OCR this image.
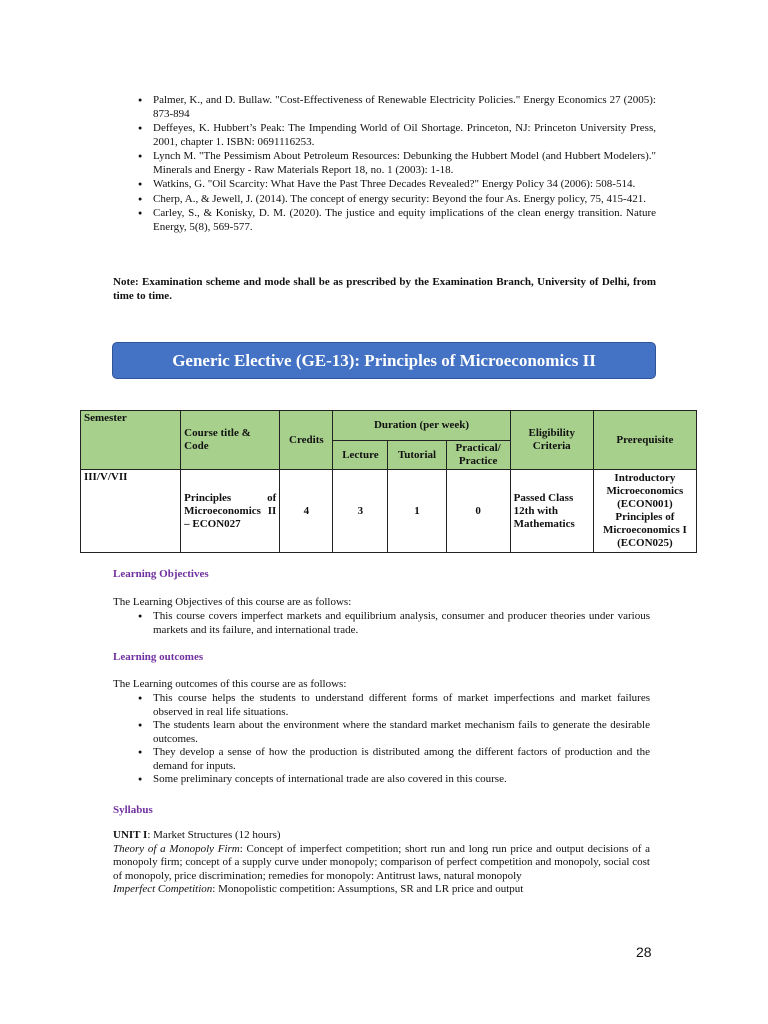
● Palmer, K., and D. Bullaw. "Cost-Effectiveness of Renewable Electricity Policies." Energy Economics 27 (2005): 873-894
● Deffeyes, K. Hubbert’s Peak: The Impending World of Oil Shortage. Princeton, NJ: Princeton University Press, 2001, chapter 1. ISBN: 0691116253.
● Lynch M. "The Pessimism About Petroleum Resources: Debunking the Hubbert Model (and Hubbert Modelers)." Minerals and Energy - Raw Materials Report 18, no. 1 (2003): 1-18.
● Watkins, G. "Oil Scarcity: What Have the Past Three Decades Revealed?" Energy Policy 34 (2006): 508-514.
● Cherp, A., & Jewell, J. (2014). The concept of energy security: Beyond the four As. Energy policy, 75, 415-421.
● Carley, S., & Konisky, D. M. (2020). The justice and equity implications of the clean energy transition. Nature Energy, 5(8), 569-577.
Note: Examination scheme and mode shall be as prescribed by the Examination Branch, University of Delhi, from time to time.
Generic Elective (GE-13): Principles of Microeconomics II
Semester	Course title & Code	Credits	Duration (per week)			Eligibility Criteria	Prerequisite
			Lecture	Tutorial	Practical/ Practice		
III/V/VII	Principles of Microeconomics II – ECON027	4	3	1	0	Passed Class 12th with Mathematics	Introductory Microeconomics (ECON001) Principles of Microeconomics I (ECON025)
Learning Objectives
The Learning Objectives of this course are as follows:
● This course covers imperfect markets and equilibrium analysis, consumer and producer theories under various markets and its failure, and international trade.
Learning outcomes
The Learning outcomes of this course are as follows:
● This course helps the students to understand different forms of market imperfections and market failures observed in real life situations.
● The students learn about the environment where the standard market mechanism fails to generate the desirable outcomes.
● They develop a sense of how the production is distributed among the different factors of production and the demand for inputs.
● Some preliminary concepts of international trade are also covered in this course.
Syllabus

UNIT I: Market Structures (12 hours)

Theory of a Monopoly Firm: Concept of imperfect competition; short run and long run price and output decisions of a monopoly firm; concept of a supply curve under monopoly; comparison of perfect competition and monopoly, social cost of monopoly, price discrimination; remedies for monopoly: Antitrust laws, natural monopoly

Imperfect Competition: Monopolistic competition: Assumptions, SR and LR price and output

28
